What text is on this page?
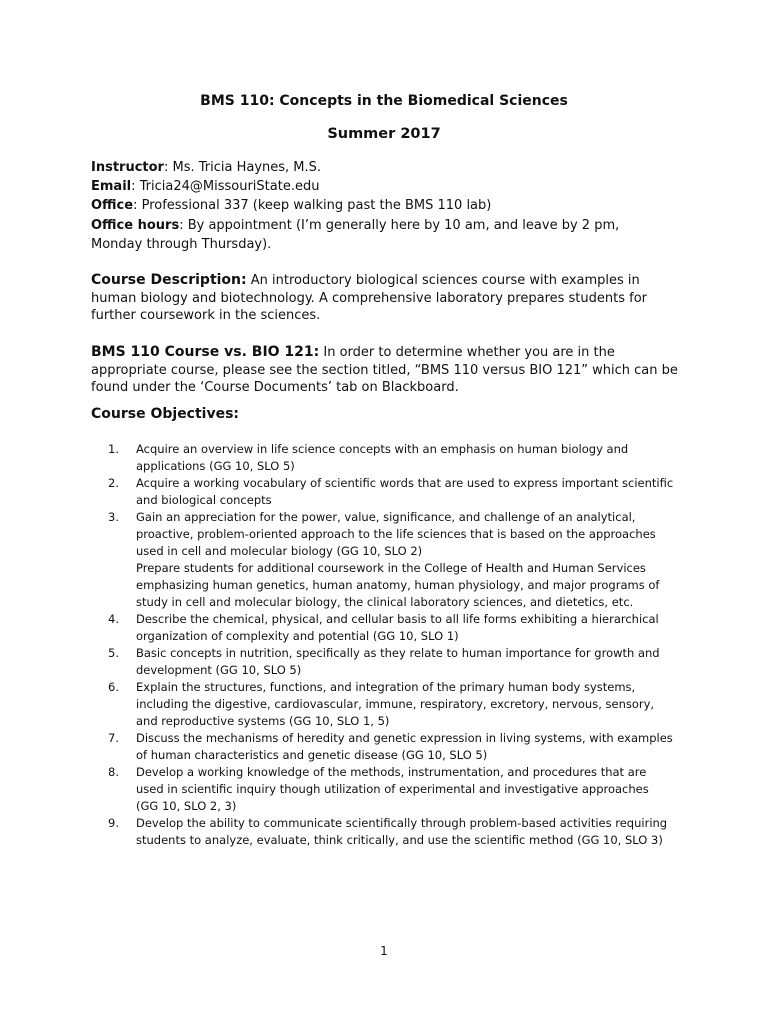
BMS 110: Concepts in the Biomedical Sciences
Summer 2017

Instructor: Ms. Tricia Haynes, M.S.

Email: Tricia24@MissouriState.edu

Office: Professional 337 (keep walking past the BMS 110 lab)

Office hours: By appointment (I’m generally here by 10 am, and leave by 2 pm, Monday through Thursday).

Course Description: An introductory biological sciences course with examples in human biology and biotechnology. A comprehensive laboratory prepares students for further coursework in the sciences.
BMS 110 Course vs. BIO 121: In order to determine whether you are in the appropriate course, please see the section titled, “BMS 110 versus BIO 121” which can be found under the ‘Course Documents’ tab on Blackboard.
Course Objectives:
1. Acquire an overview in life science concepts with an emphasis on human biology and applications (GG 10, SLO 5)
2. Acquire a working vocabulary of scientific words that are used to express important scientific and biological concepts
3. Gain an appreciation for the power, value, significance, and challenge of an analytical, proactive, problem-oriented approach to the life sciences that is based on the approaches used in cell and molecular biology (GG 10, SLO 2)
Prepare students for additional coursework in the College of Health and Human Services emphasizing human genetics, human anatomy, human physiology, and major programs of study in cell and molecular biology, the clinical laboratory sciences, and dietetics, etc.
4. Describe the chemical, physical, and cellular basis to all life forms exhibiting a hierarchical organization of complexity and potential (GG 10, SLO 1)
5. Basic concepts in nutrition, specifically as they relate to human importance for growth and development (GG 10, SLO 5)
6. Explain the structures, functions, and integration of the primary human body systems, including the digestive, cardiovascular, immune, respiratory, excretory, nervous, sensory, and reproductive systems (GG 10, SLO 1, 5)
7. Discuss the mechanisms of heredity and genetic expression in living systems, with examples of human characteristics and genetic disease (GG 10, SLO 5)
8. Develop a working knowledge of the methods, instrumentation, and procedures that are used in scientific inquiry though utilization of experimental and investigative approaches (GG 10, SLO 2, 3)
9. Develop the ability to communicate scientifically through problem-based activities requiring students to analyze, evaluate, think critically, and use the scientific method (GG 10, SLO 3)
1
